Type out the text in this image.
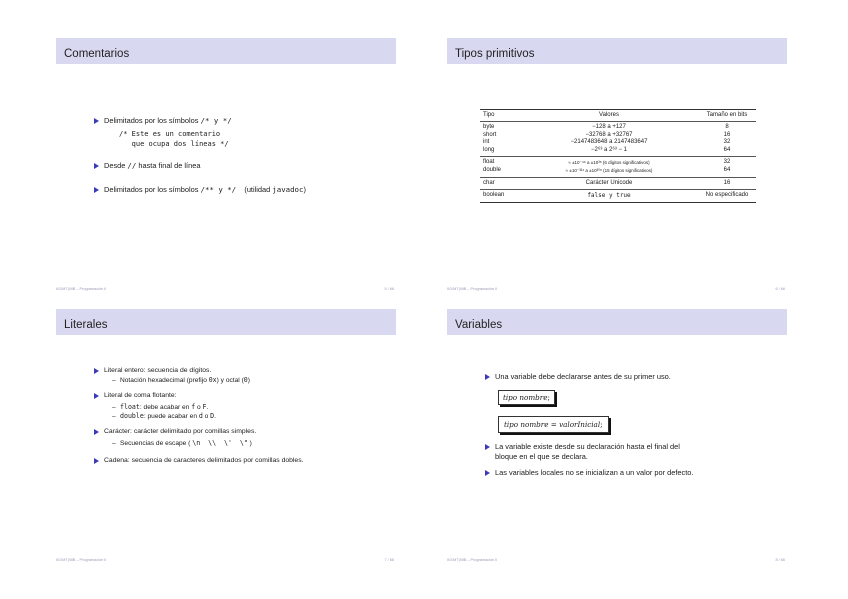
Comentarios
Delimitados por los símbolos /* y */
/* Este es un comentario
que ocupa dos líneas */
Desde // hasta final de línea
Delimitados por los símbolos /** y */    (utilidad javadoc)
IIG/MT|IIIIB – Programación II	5 / 66
Tipos primitivos
Tipo	Valores	Tamaño en bits
byte	−128 a +127	8
short	−32768 a +32767	16
int	−2147483648 a 2147483647	32
long	−2⁶³ a 2⁶³ − 1	64
float	≈ ±10⁻⁴⁶ a ±10³⁸ (6 dígitos significativos)	32
double	≈ ±10⁻³²⁴ a ±10³⁰⁸ (15 dígitos significativos)	64
char	Carácter Unicode	16
boolean	false y true	No especificado
IIG/MT|IIIIB – Programación II	6 / 66
Literales
Literal entero: secuencia de dígitos.
– Notación hexadecimal (prefijo 0x) y octal (0)
Literal de coma flotante:
– float: debe acabar en f o F.
– double: puede acabar en d o D.
Carácter: carácter delimitado por comillas simples.
– Secuencias de escape ( \n  \\  \'  \" )
Cadena: secuencia de caracteres delimitados por comillas dobles.
IIG/MT|IIIIB – Programación II	7 / 66
Variables
Una variable debe declararse antes de su primer uso.
tipo nombre;
tipo nombre = valorInicial;
La variable existe desde su declaración hasta el final del
bloque en el que se declara.
Las variables locales no se inicializan a un valor por defecto.
IIG/MT|IIIIB – Programación II	8 / 66
